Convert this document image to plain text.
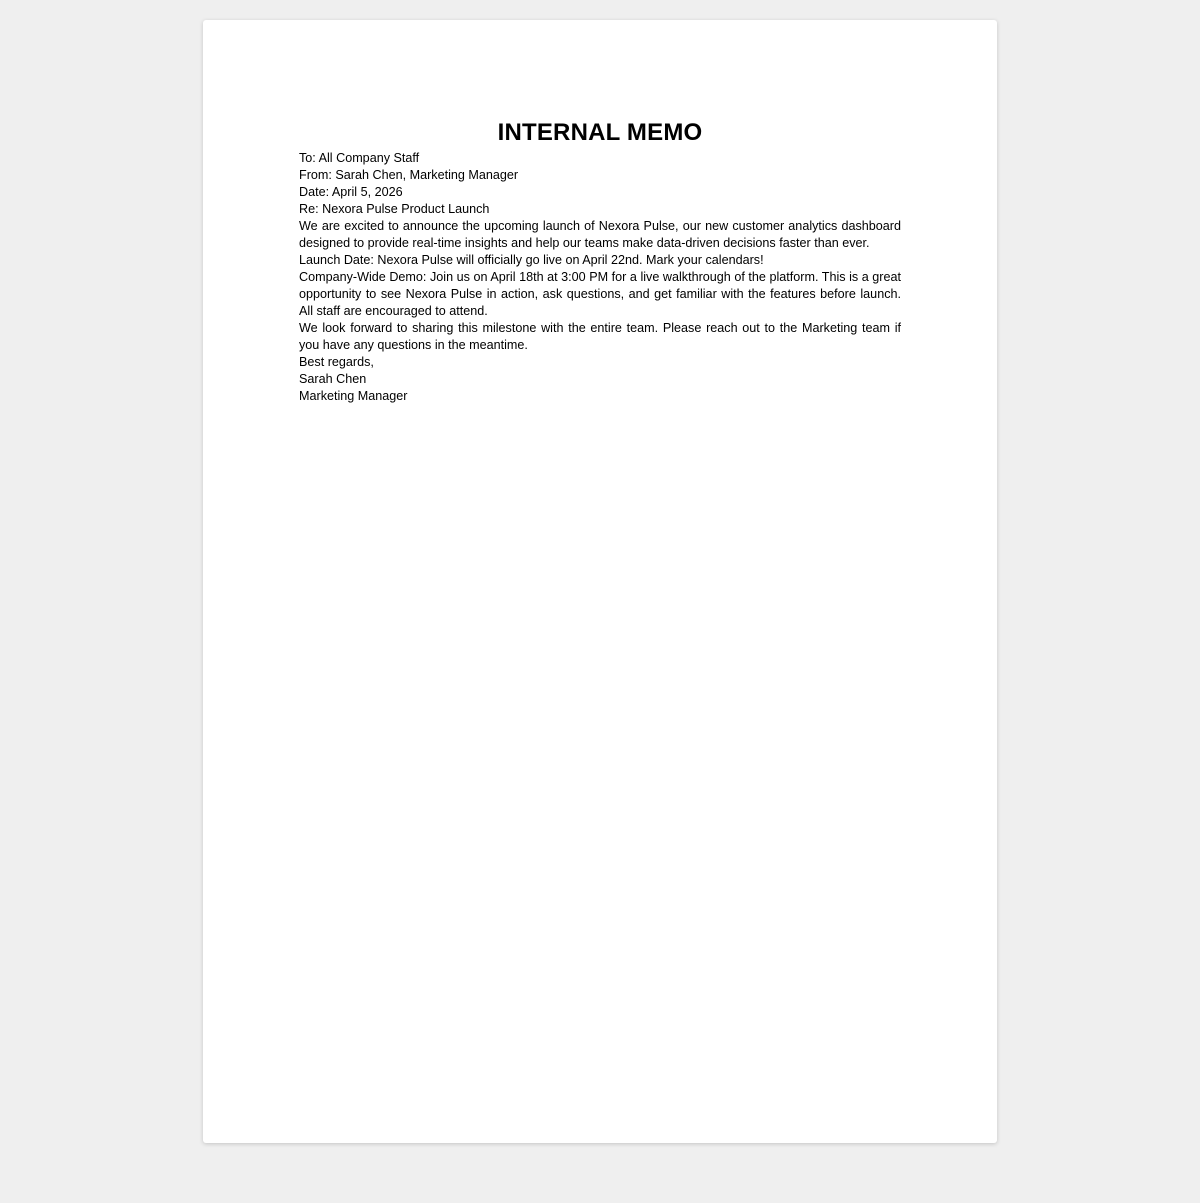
INTERNAL MEMO

To: All Company Staff

From: Sarah Chen, Marketing Manager

Date: April 5, 2026

Re: Nexora Pulse Product Launch

We are excited to announce the upcoming launch of Nexora Pulse, our new customer analytics dashboard designed to provide real-time insights and help our teams make data-driven decisions faster than ever.

Launch Date: Nexora Pulse will officially go live on April 22nd. Mark your calendars!

Company-Wide Demo: Join us on April 18th at 3:00 PM for a live walkthrough of the platform. This is a great opportunity to see Nexora Pulse in action, ask questions, and get familiar with the features before launch. All staff are encouraged to attend.

We look forward to sharing this milestone with the entire team. Please reach out to the Marketing team if you have any questions in the meantime.

Best regards,

Sarah Chen

Marketing Manager
